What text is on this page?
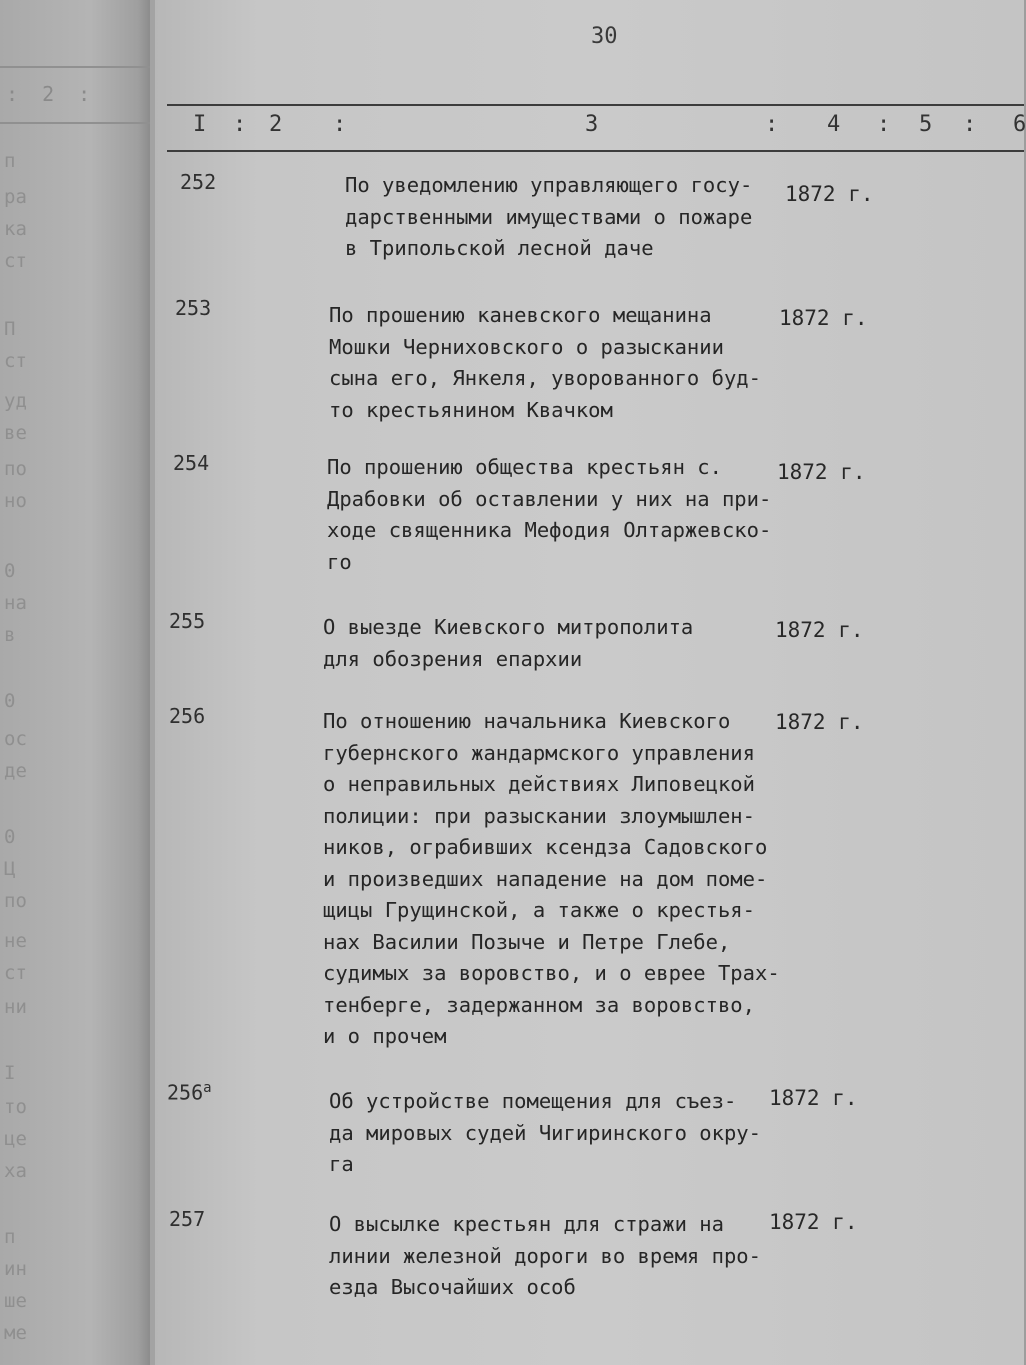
: 2 :
п
ра
ка
ст
П
ст
уд
ве
по
но
0
на
в
0
ос
де
0
Ц
по
не
ст
ни
I
то
це
ха
п
ин
ше
ме
30
I : 2 :	3	: 4 : 5 : 6
252	По уведомлению управляющего госу-
дарственными имуществами о пожаре
в Трипольской лесной даче
1872 г.
253	По прошению каневского мещанина
Мошки Черниховского о разыскании
сына его, Янкеля, уворованного буд-
то крестьянином Квачком
1872 г.
254	По прошению общества крестьян с.
Драбовки об оставлении у них на при-
ходе священника Мефодия Олтаржевско-
го
1872 г.
255	О выезде Киевского митрополита
для обозрения епархии
1872 г.
256	По отношению начальника Киевского
губернского жандармского управления
о неправильных действиях Липовецкой
полиции: при разыскании злоумышлен-
ников, ограбивших ксендза Садовского
и произведших нападение на дом поме-
щицы Грущинской, а также о крестья-
нах Василии Позыче и Петре Глебе,
судимых за воровство, и о еврее Трах-
тенберге, задержанном за воровство,
и о прочем
1872 г.
$256^а$
Об устройстве помещения для съез-
да мировых судей Чигиринского окру-
га
1872 г.
257	О высылке крестьян для стражи на
линии железной дороги во время про-
езда Высочайших особ
1872 г.
